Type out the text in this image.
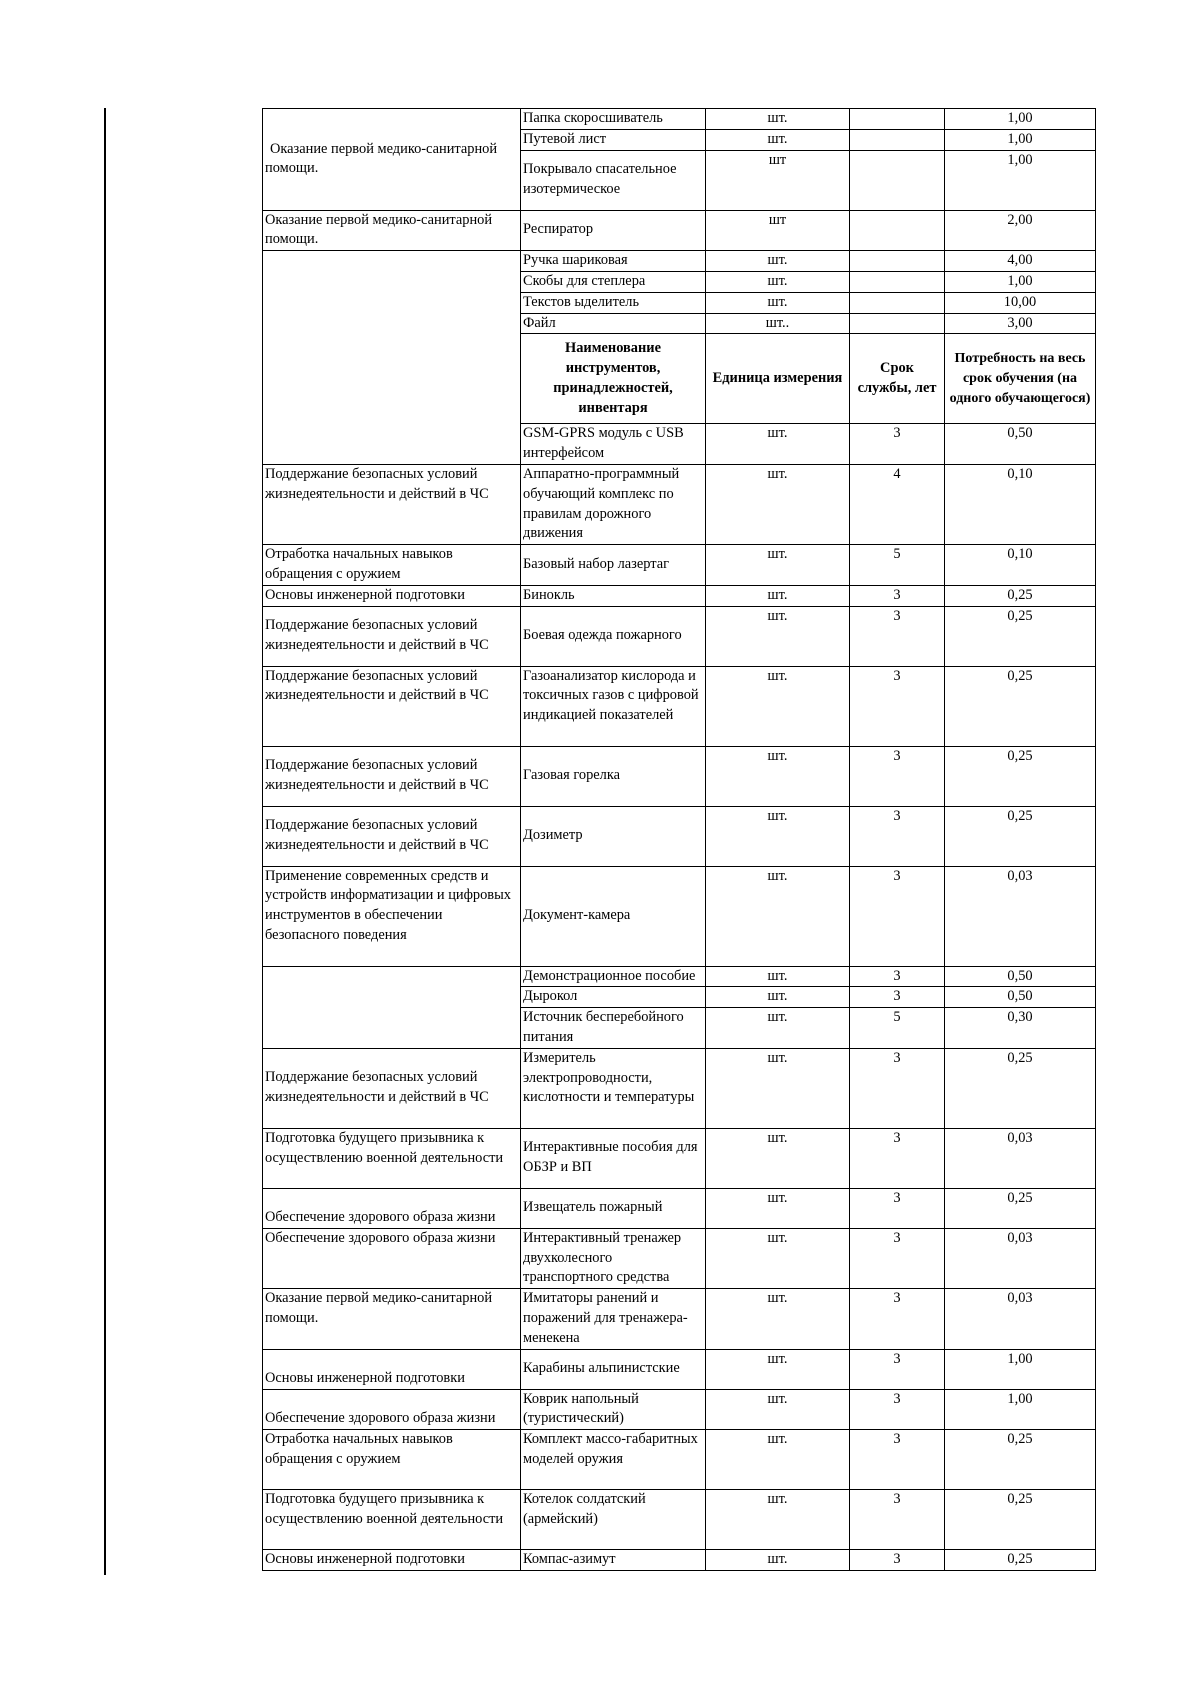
Оказание первой медико-санитарной помощи.	Папка скоросшиватель	шт.		1,00
	Путевой лист	шт.		1,00
	Покрывало спасательное изотермическое	шт		1,00
Оказание первой медико-санитарной помощи.	Респиратор	шт		2,00
	Ручка шариковая	шт.		4,00
	Скобы для степлера	шт.		1,00
	Текстов ыделитель	шт.		10,00
	Файл	шт..		3,00
	Наименование инструментов, принадлежностей, инвентаря	Единица измерения	Срок службы, лет	Потребность на весь срок обучения (на одного обучающегося)
	GSM-GPRS модуль с USB интерфейсом	шт.	3	0,50
Поддержание безопасных условий жизнедеятельности и действий в ЧС	Аппаратно-программный обучающий комплекс по правилам дорожного движения	шт.	4	0,10
Отработка начальных навыков обращения с оружием	Базовый набор лазертаг	шт.	5	0,10
Основы инженерной подготовки	Бинокль	шт.	3	0,25
Поддержание безопасных условий жизнедеятельности и действий в ЧС	Боевая одежда пожарного	шт.	3	0,25
Поддержание безопасных условий жизнедеятельности и действий в ЧС	Газоанализатор кислорода и токсичных газов с цифровой индикацией показателей	шт.	3	0,25
Поддержание безопасных условий жизнедеятельности и действий в ЧС	Газовая горелка	шт.	3	0,25
Поддержание безопасных условий жизнедеятельности и действий в ЧС	Дозиметр	шт.	3	0,25
Применение современных средств и устройств информатизации и цифровых инструментов в обеспечении безопасного поведения	Документ-камера	шт.	3	0,03
	Демонстрационное пособие	шт.	3	0,50
	Дырокол	шт.	3	0,50
	Источник бесперебойного питания	шт.	5	0,30
Поддержание безопасных условий жизнедеятельности и действий в ЧС	Измеритель электропроводности, кислотности и температуры	шт.	3	0,25
Подготовка будущего призывника к осуществлению военной деятельности	Интерактивные пособия для ОБЗР и ВП	шт.	3	0,03
Обеспечение здорового образа жизни	Извещатель пожарный	шт.	3	0,25
Обеспечение здорового образа жизни	Интерактивный тренажер двухколесного транспортного средства	шт.	3	0,03
Оказание первой медико-санитарной помощи.	Имитаторы ранений и поражений для тренажера-менекена	шт.	3	0,03
Основы инженерной подготовки	Карабины альпинистские	шт.	3	1,00
Обеспечение здорового образа жизни	Коврик напольный (туристический)	шт.	3	1,00
Отработка начальных навыков обращения с оружием	Комплект массо-габаритных моделей оружия	шт.	3	0,25
Подготовка будущего призывника к осуществлению военной деятельности	Котелок солдатский (армейский)	шт.	3	0,25
Основы инженерной подготовки	Компас-азимут	шт.	3	0,25
